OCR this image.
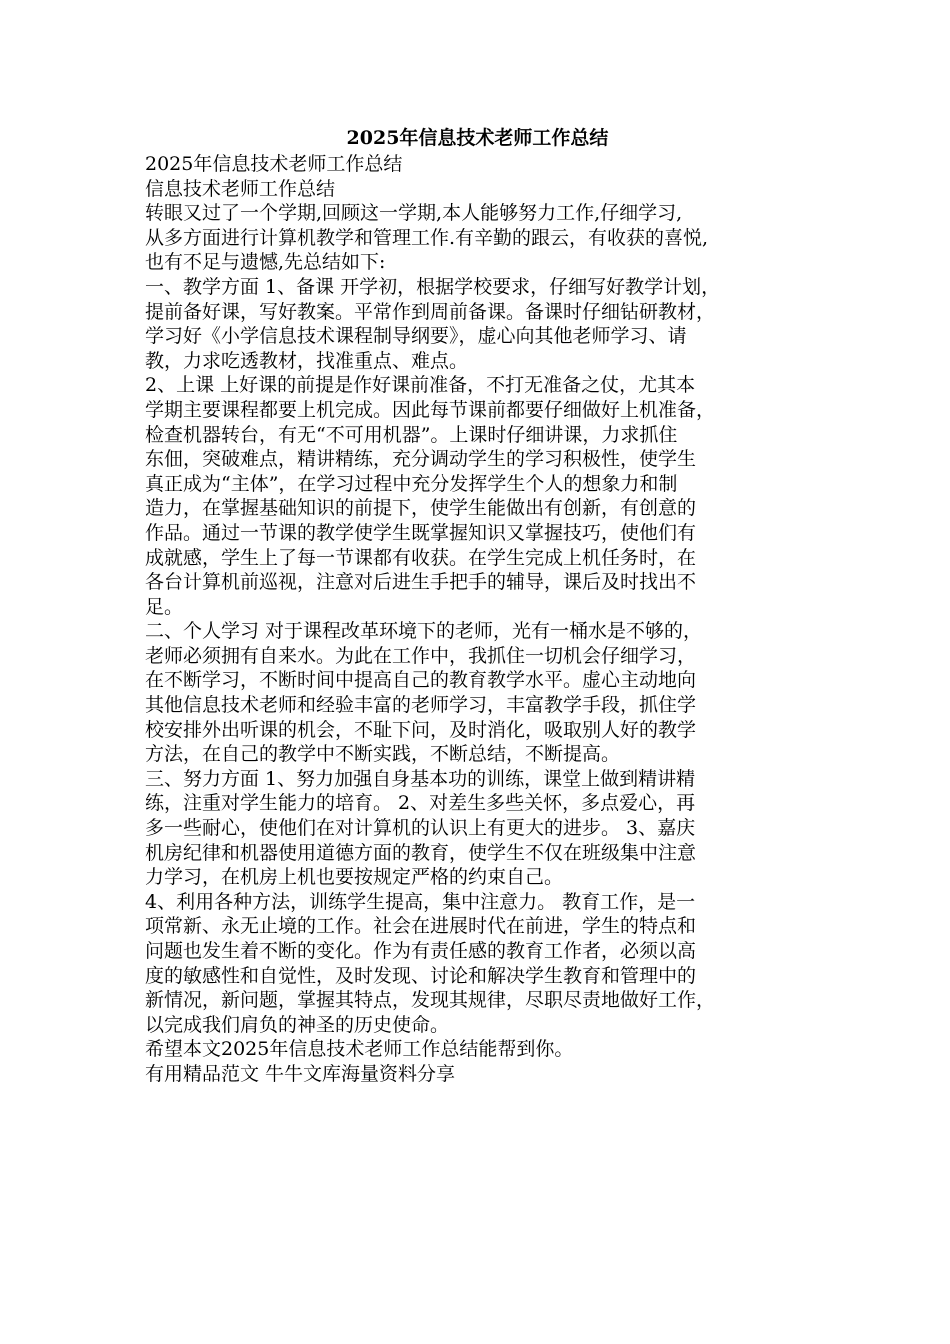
2025年信息技术老师工作总结
2025年信息技术老师工作总结
信息技术老师工作总结
转眼又过了一个学期,回顾这一学期,本人能够努力工作,仔细学习,
从多方面进行计算机教学和管理工作.有辛勤的跟云，有收获的喜悦,
也有不足与遗憾,先总结如下:
一、教学方面 1、备课 开学初，根据学校要求，仔细写好教学计划，
提前备好课，写好教案。平常作到周前备课。备课时仔细钻研教材，
学习好《小学信息技术课程制导纲要》，虚心向其他老师学习、请
教，力求吃透教材，找准重点、难点。
2、上课 上好课的前提是作好课前准备，不打无准备之仗，尤其本
学期主要课程都要上机完成。因此每节课前都要仔细做好上机准备，
检查机器转台，有无“不可用机器”。上课时仔细讲课，力求抓住
东佃，突破难点，精讲精练，充分调动学生的学习积极性，使学生
真正成为“主体”，在学习过程中充分发挥学生个人的想象力和制
造力，在掌握基础知识的前提下，使学生能做出有创新，有创意的
作品。通过一节课的教学使学生既掌握知识又掌握技巧，使他们有
成就感，学生上了每一节课都有收获。在学生完成上机任务时，在
各台计算机前巡视，注意对后进生手把手的辅导，课后及时找出不
足。
二、个人学习 对于课程改革环境下的老师，光有一桶水是不够的，
老师必须拥有自来水。为此在工作中，我抓住一切机会仔细学习，
在不断学习，不断时间中提高自己的教育教学水平。虚心主动地向
其他信息技术老师和经验丰富的老师学习，丰富教学手段，抓住学
校安排外出听课的机会，不耻下问，及时消化，吸取别人好的教学
方法，在自己的教学中不断实践，不断总结，不断提高。
三、努力方面 1、努力加强自身基本功的训练，课堂上做到精讲精
练，注重对学生能力的培育。 2、对差生多些关怀，多点爱心，再
多一些耐心，使他们在对计算机的认识上有更大的进步。 3、嘉庆
机房纪律和机器使用道德方面的教育，使学生不仅在班级集中注意
力学习，在机房上机也要按规定严格的约束自己。
4、利用各种方法，训练学生提高，集中注意力。 教育工作，是一
项常新、永无止境的工作。社会在进展时代在前进，学生的特点和
问题也发生着不断的变化。作为有责任感的教育工作者，必须以高
度的敏感性和自觉性，及时发现、讨论和解决学生教育和管理中的
新情况，新问题，掌握其特点，发现其规律，尽职尽责地做好工作，
以完成我们肩负的神圣的历史使命。
希望本文2025年信息技术老师工作总结能帮到你。
有用精品范文 牛牛文库海量资料分享
